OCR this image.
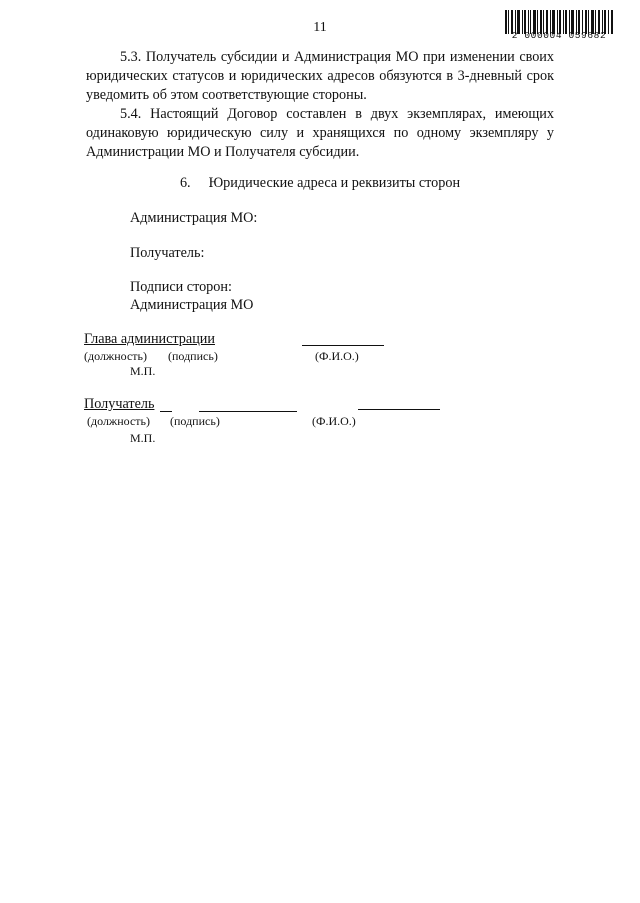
11
2 000004 059682

5.3. Получатель субсидии и Администрация МО при изменении своих юридических статусов и юридических адресов обязуются в 3-дневный срок уведомить об этом соответствующие стороны.

5.4. Настоящий Договор составлен в двух экземплярах, имеющих одинаковую юридическую силу и хранящихся по одному экземпляру у Администрации МО и Получателя субсидии.

6. Юридические адреса и реквизиты сторон
Администрация МО:
Получатель:
Подписи сторон:
Администрация МО
Глава администрации
(должность) (подпись)	(Ф.И.О.)
М.П.
Получатель
(должность) (подпись)	(Ф.И.О.)
М.П.
